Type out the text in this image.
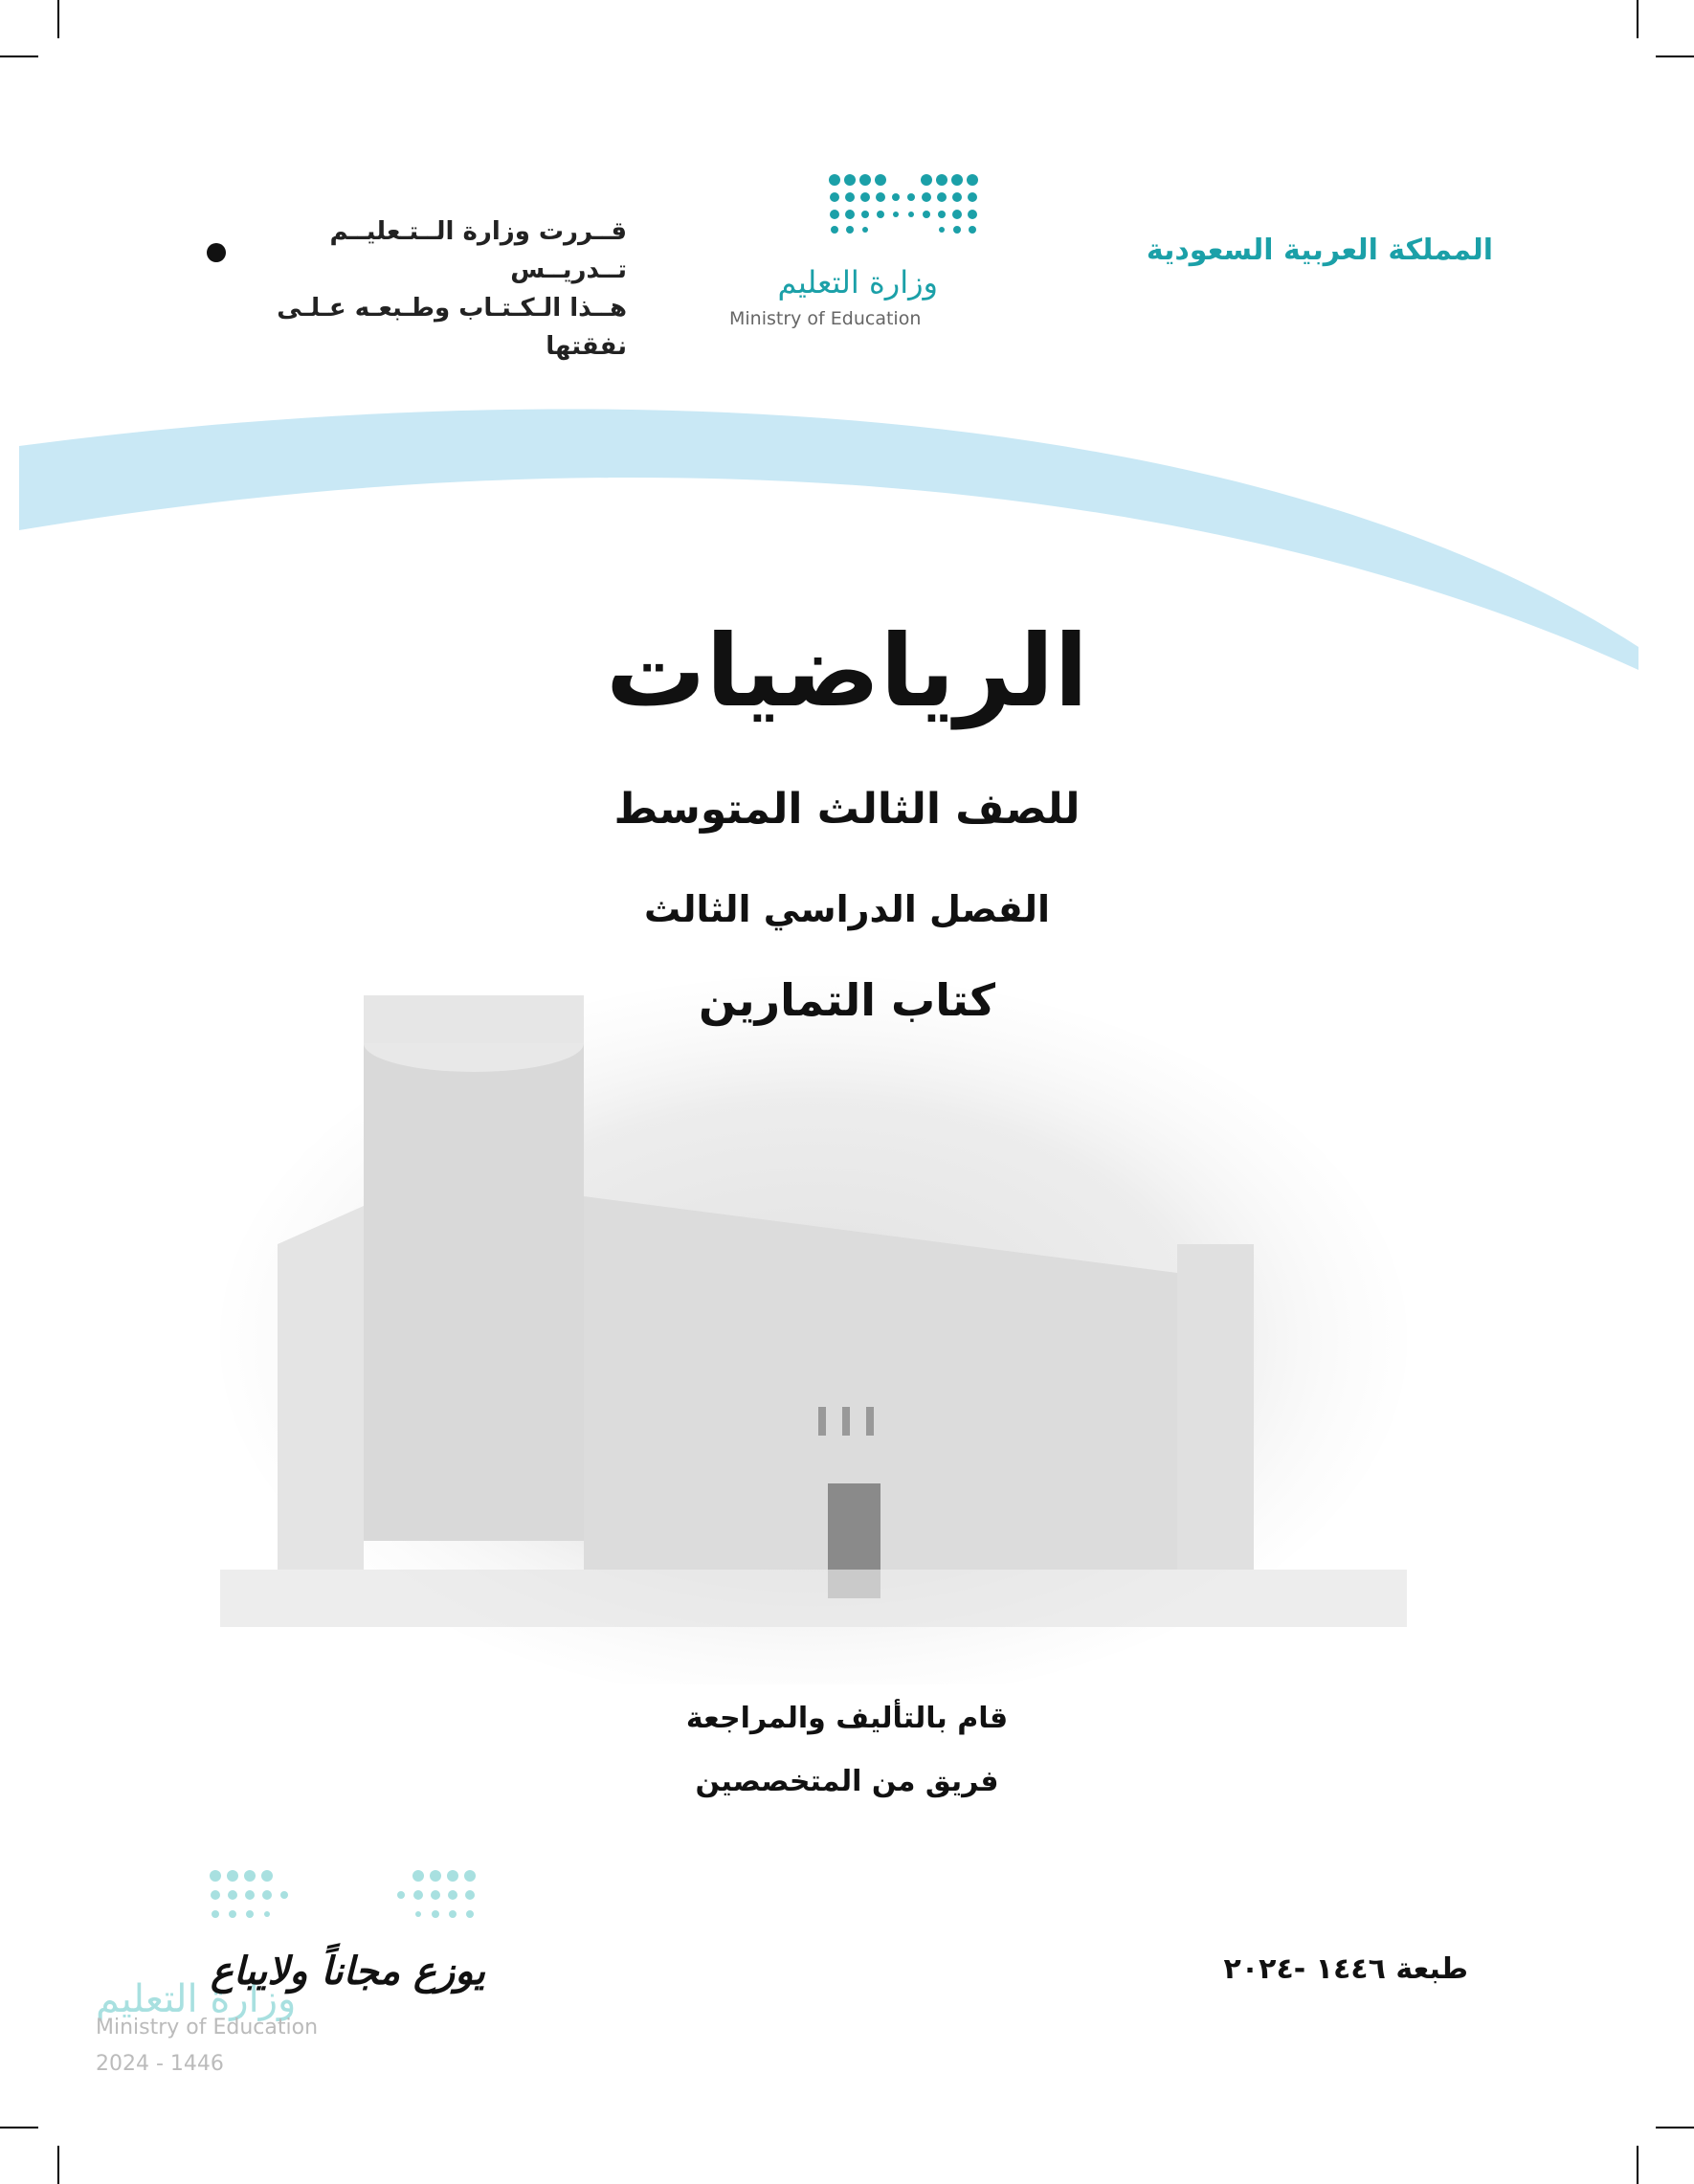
المملكة العربية السعودية
وزارة التعليم
Ministry of Education
قــررت وزارة الــتـعليــم تــدريــس
هــذا الـكـتـاب وطـبعـه عـلـى نفقتها
الرياضيات
للصف الثالث المتوسط
الفصل الدراسي الثالث
كتاب التمارين
قام بالتأليف والمراجعة
فريق من المتخصصين
طبعة ١٤٤٦ -٢٠٢٤
وزارة التعليم
يوزع مجاناً ولايباع
Ministry of Education
2024 - 1446
